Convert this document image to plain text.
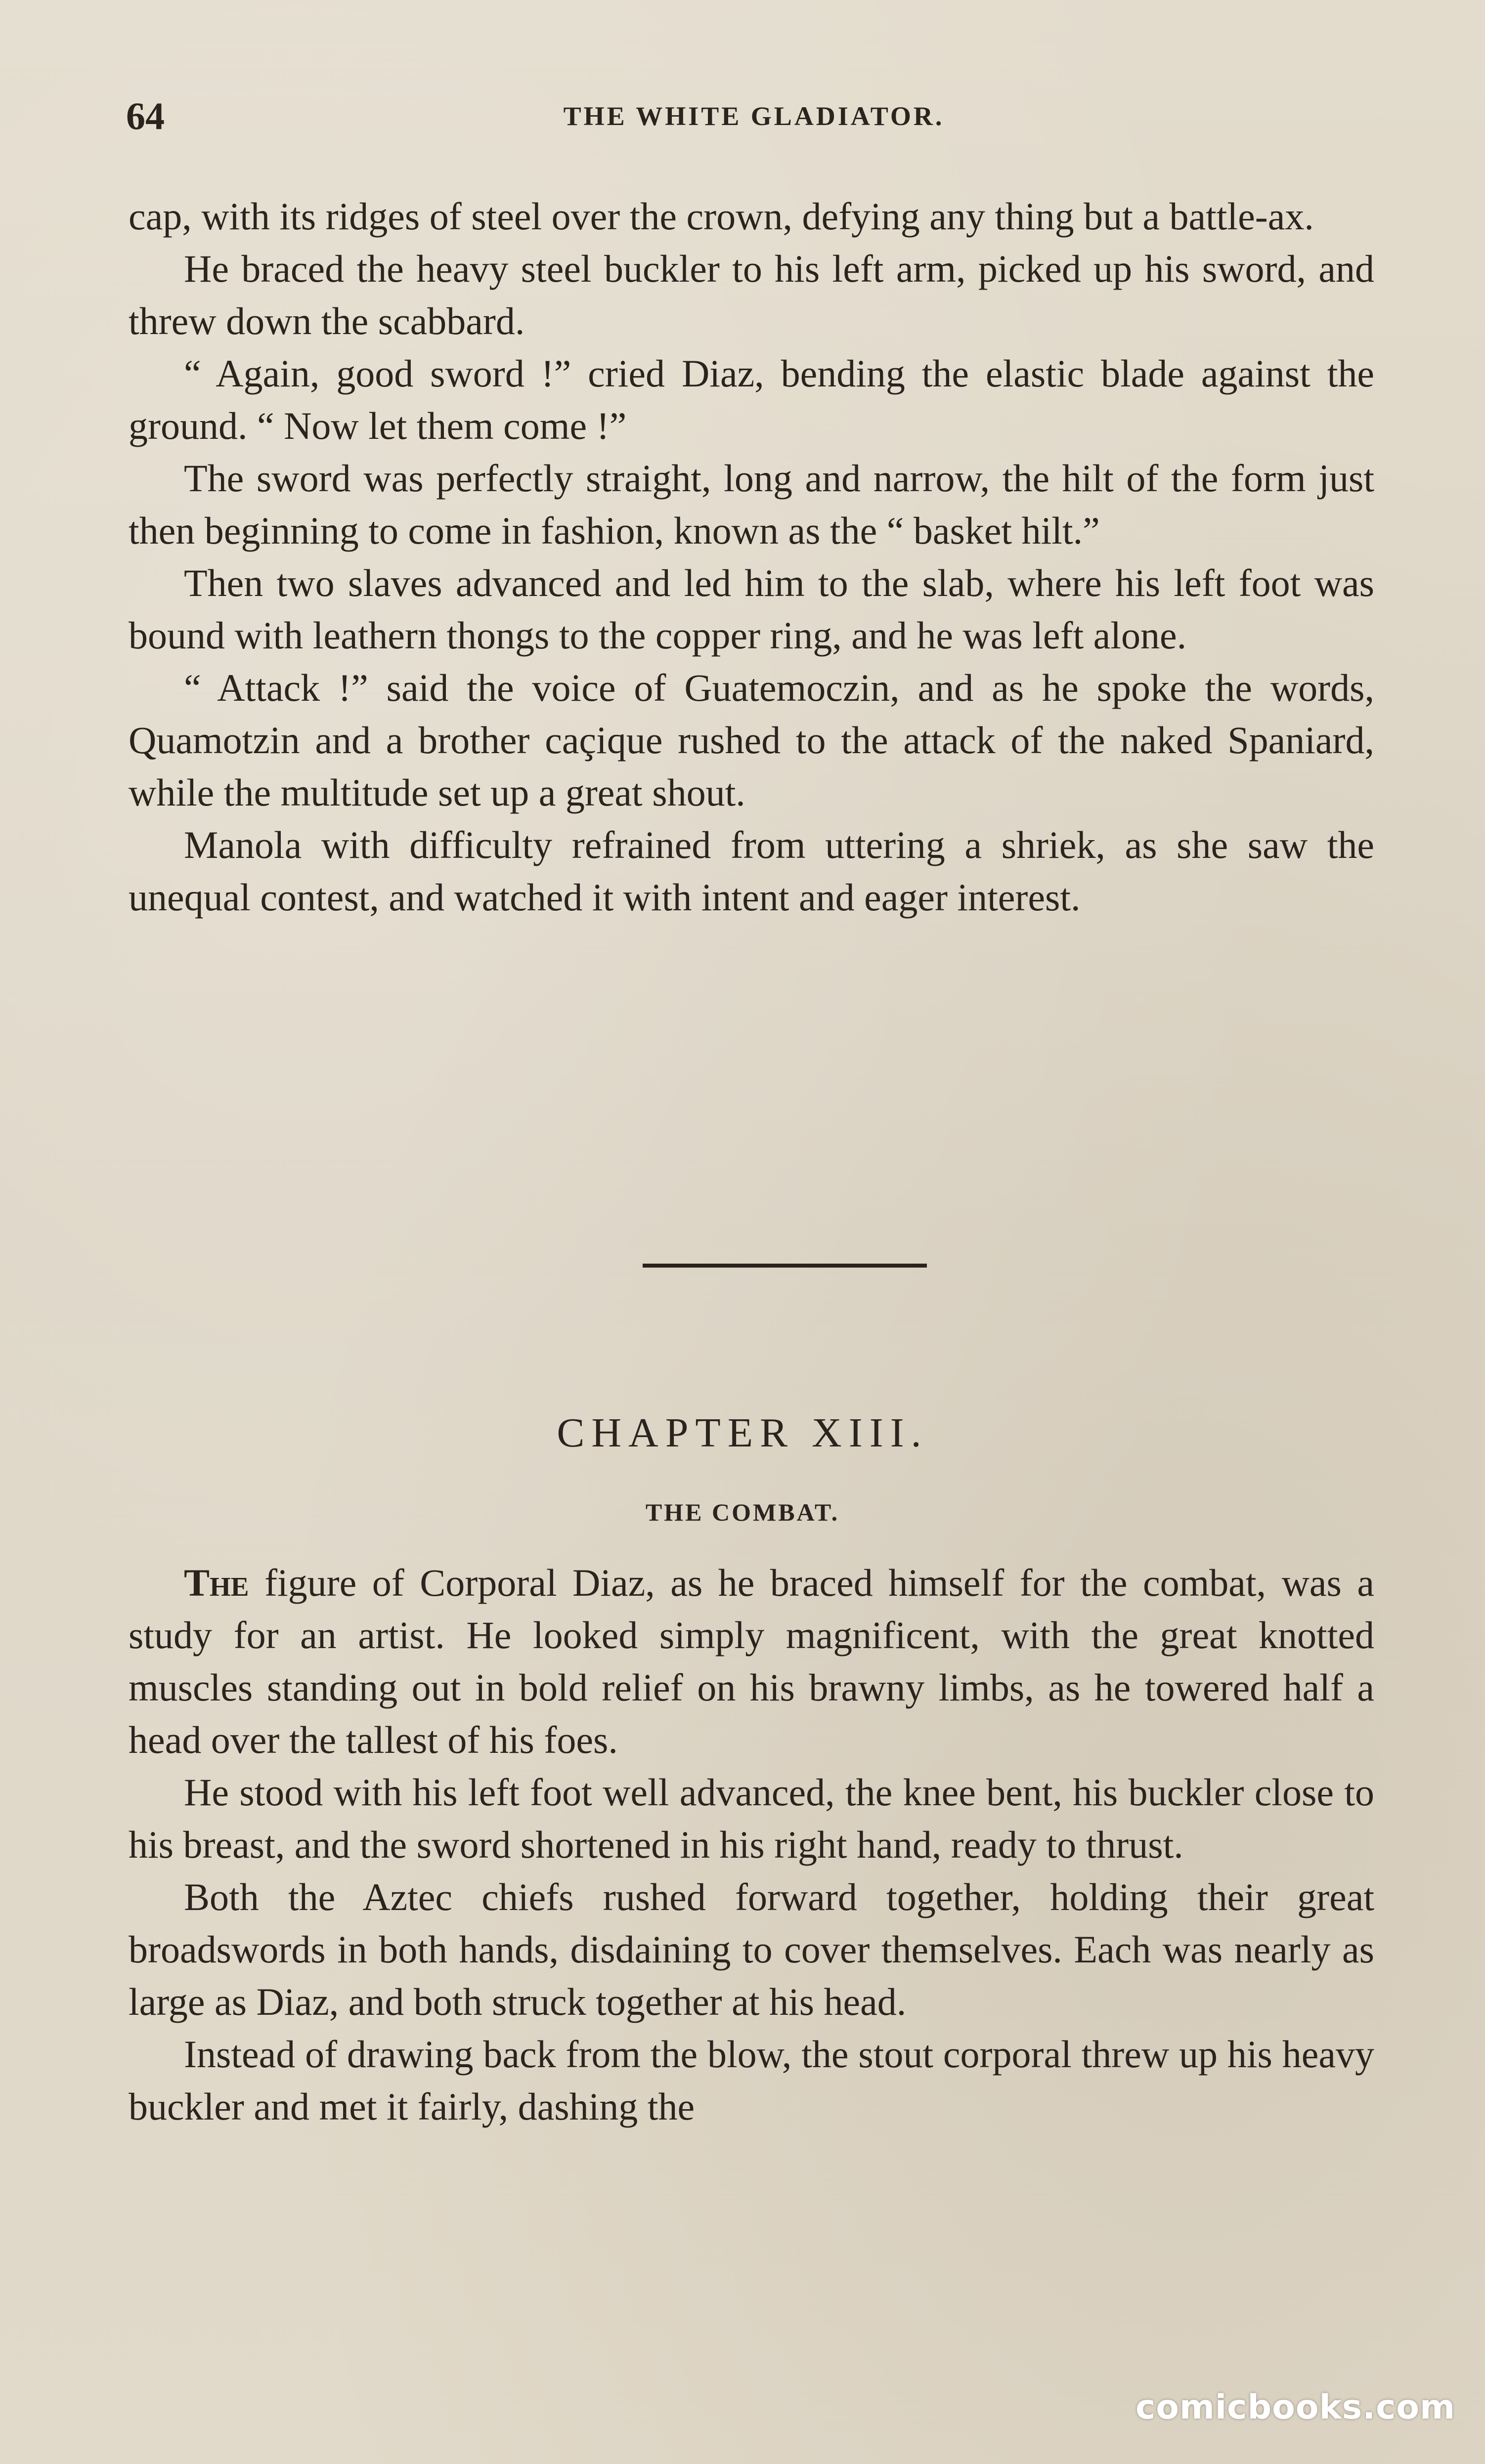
64	THE WHITE GLADIATOR.

cap, with its ridges of steel over the crown, defying any thing but a battle-ax.

He braced the heavy steel buckler to his left arm, picked up his sword, and threw down the scabbard.

“ Again, good sword !” cried Diaz, bending the elastic blade against the ground. “ Now let them come !”

The sword was perfectly straight, long and narrow, the hilt of the form just then beginning to come in fashion, known as the “ basket hilt.”

Then two slaves advanced and led him to the slab, where his left foot was bound with leathern thongs to the copper ring, and he was left alone.

“ Attack !” said the voice of Guatemoczin, and as he spoke the words, Quamotzin and a brother caçique rushed to the attack of the naked Spaniard, while the multitude set up a great shout.

Manola with difficulty refrained from uttering a shriek, as she saw the unequal contest, and watched it with intent and eager interest.

CHAPTER XIII.
THE COMBAT.

The figure of Corporal Diaz, as he braced himself for the combat, was a study for an artist. He looked simply magnificent, with the great knotted muscles standing out in bold relief on his brawny limbs, as he towered half a head over the tallest of his foes.

He stood with his left foot well advanced, the knee bent, his buckler close to his breast, and the sword shortened in his right hand, ready to thrust.

Both the Aztec chiefs rushed forward together, holding their great broadswords in both hands, disdaining to cover themselves. Each was nearly as large as Diaz, and both struck together at his head.

Instead of drawing back from the blow, the stout corporal threw up his heavy buckler and met it fairly, dashing the

comicbooks.com
